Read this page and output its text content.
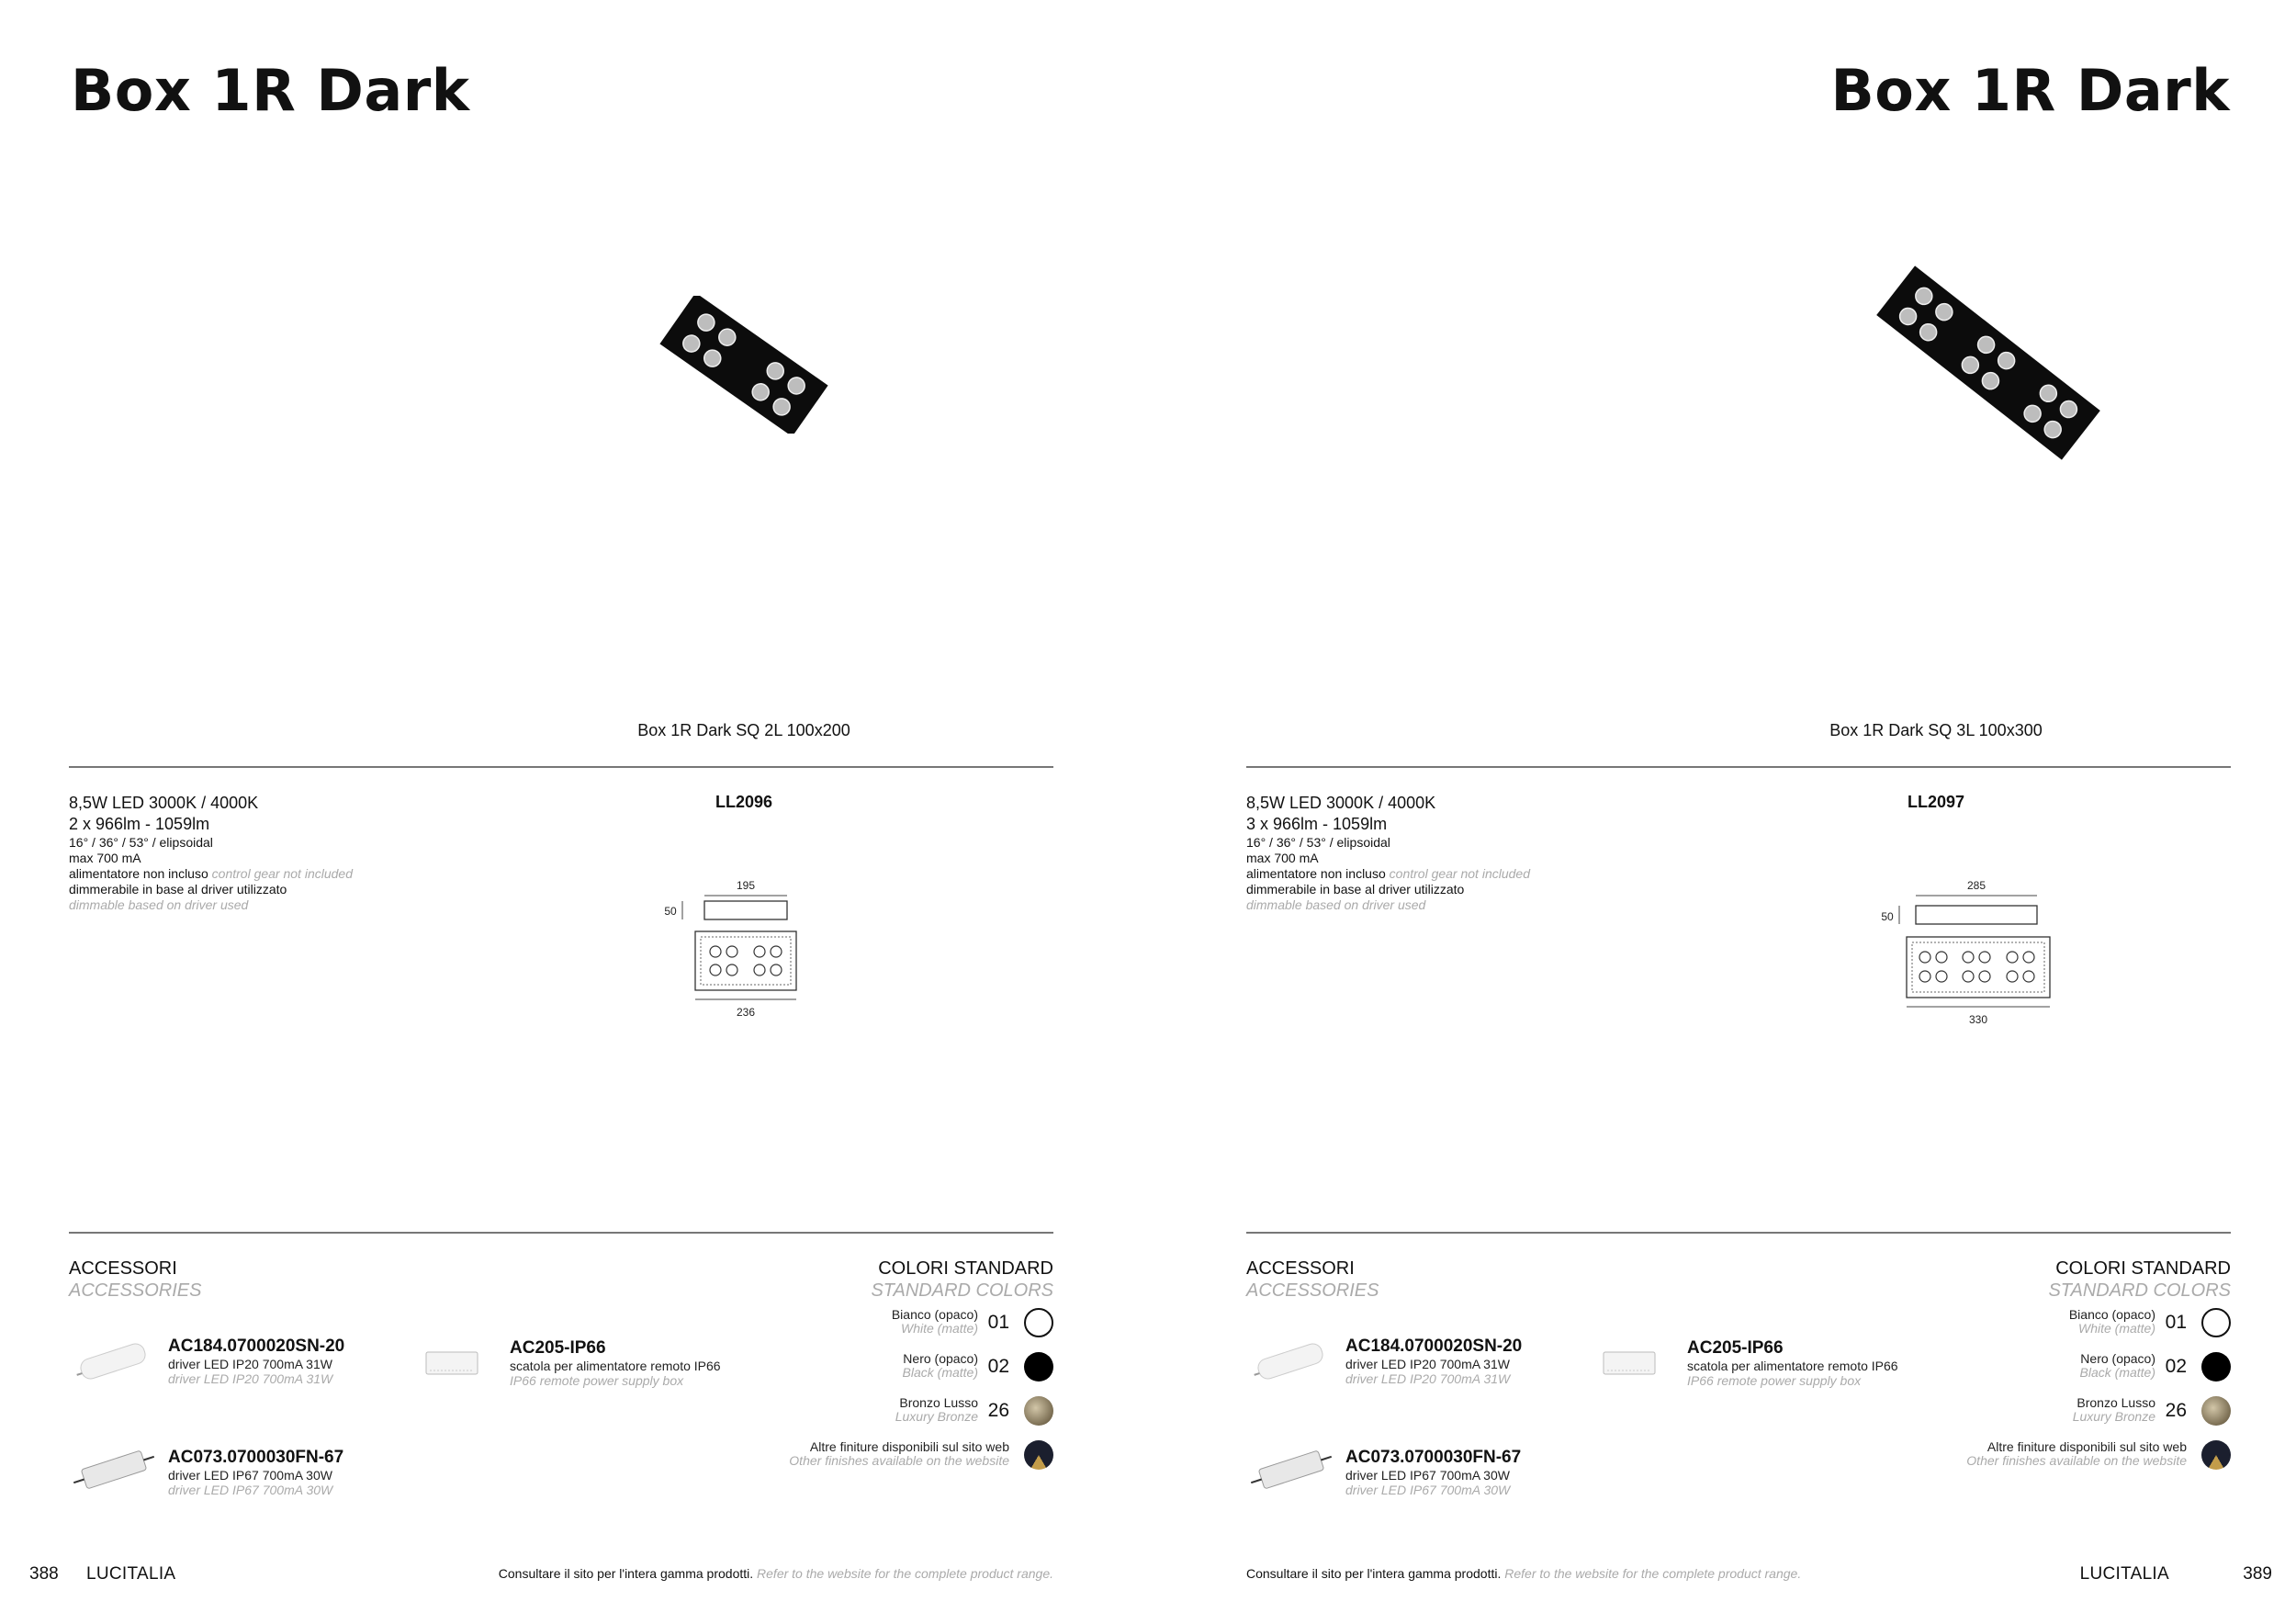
Box 1R Dark
Box 1R Dark SQ 2L 100x200
8,5W LED 3000K / 4000K
2 x 966lm - 1059lm
16° / 36° / 53° / elipsoidal
max 700 mA
alimentatore non incluso control gear not included
dimmerabile in base al driver utilizzato
dimmable based on driver used
LL2096
195
50
236
ACCESSORI
ACCESSORIES
AC184.0700020SN-20
driver LED IP20 700mA 31W
driver LED IP20 700mA 31W
AC205-IP66
scatola per alimentatore remoto IP66
IP66 remote power supply box
AC073.0700030FN-67
driver LED IP67 700mA 30W
driver LED IP67 700mA 30W
COLORI STANDARD
STANDARD COLORS
Bianco (opaco)
White (matte) 01
Nero (opaco)
Black (matte) 02
Bronzo Lusso
Luxury Bronze 26
Altre finiture disponibili sul sito web
Other finishes available on the website
388 LUCITALIA	Consultare il sito per l'intera gamma prodotti. Refer to the website for the complete product range.
Box 1R Dark
Box 1R Dark SQ 3L 100x300
8,5W LED 3000K / 4000K
3 x 966lm - 1059lm
16° / 36° / 53° / elipsoidal
max 700 mA
alimentatore non incluso control gear not included
dimmerabile in base al driver utilizzato
dimmable based on driver used
LL2097
285
50
330
ACCESSORI
ACCESSORIES
AC184.0700020SN-20
driver LED IP20 700mA 31W
driver LED IP20 700mA 31W
AC205-IP66
scatola per alimentatore remoto IP66
IP66 remote power supply box
AC073.0700030FN-67
driver LED IP67 700mA 30W
driver LED IP67 700mA 30W
COLORI STANDARD
STANDARD COLORS
Bianco (opaco)
White (matte) 01
Nero (opaco)
Black (matte) 02
Bronzo Lusso
Luxury Bronze 26
Altre finiture disponibili sul sito web
Other finishes available on the website
Consultare il sito per l'intera gamma prodotti. Refer to the website for the complete product range.	LUCITALIA	389
